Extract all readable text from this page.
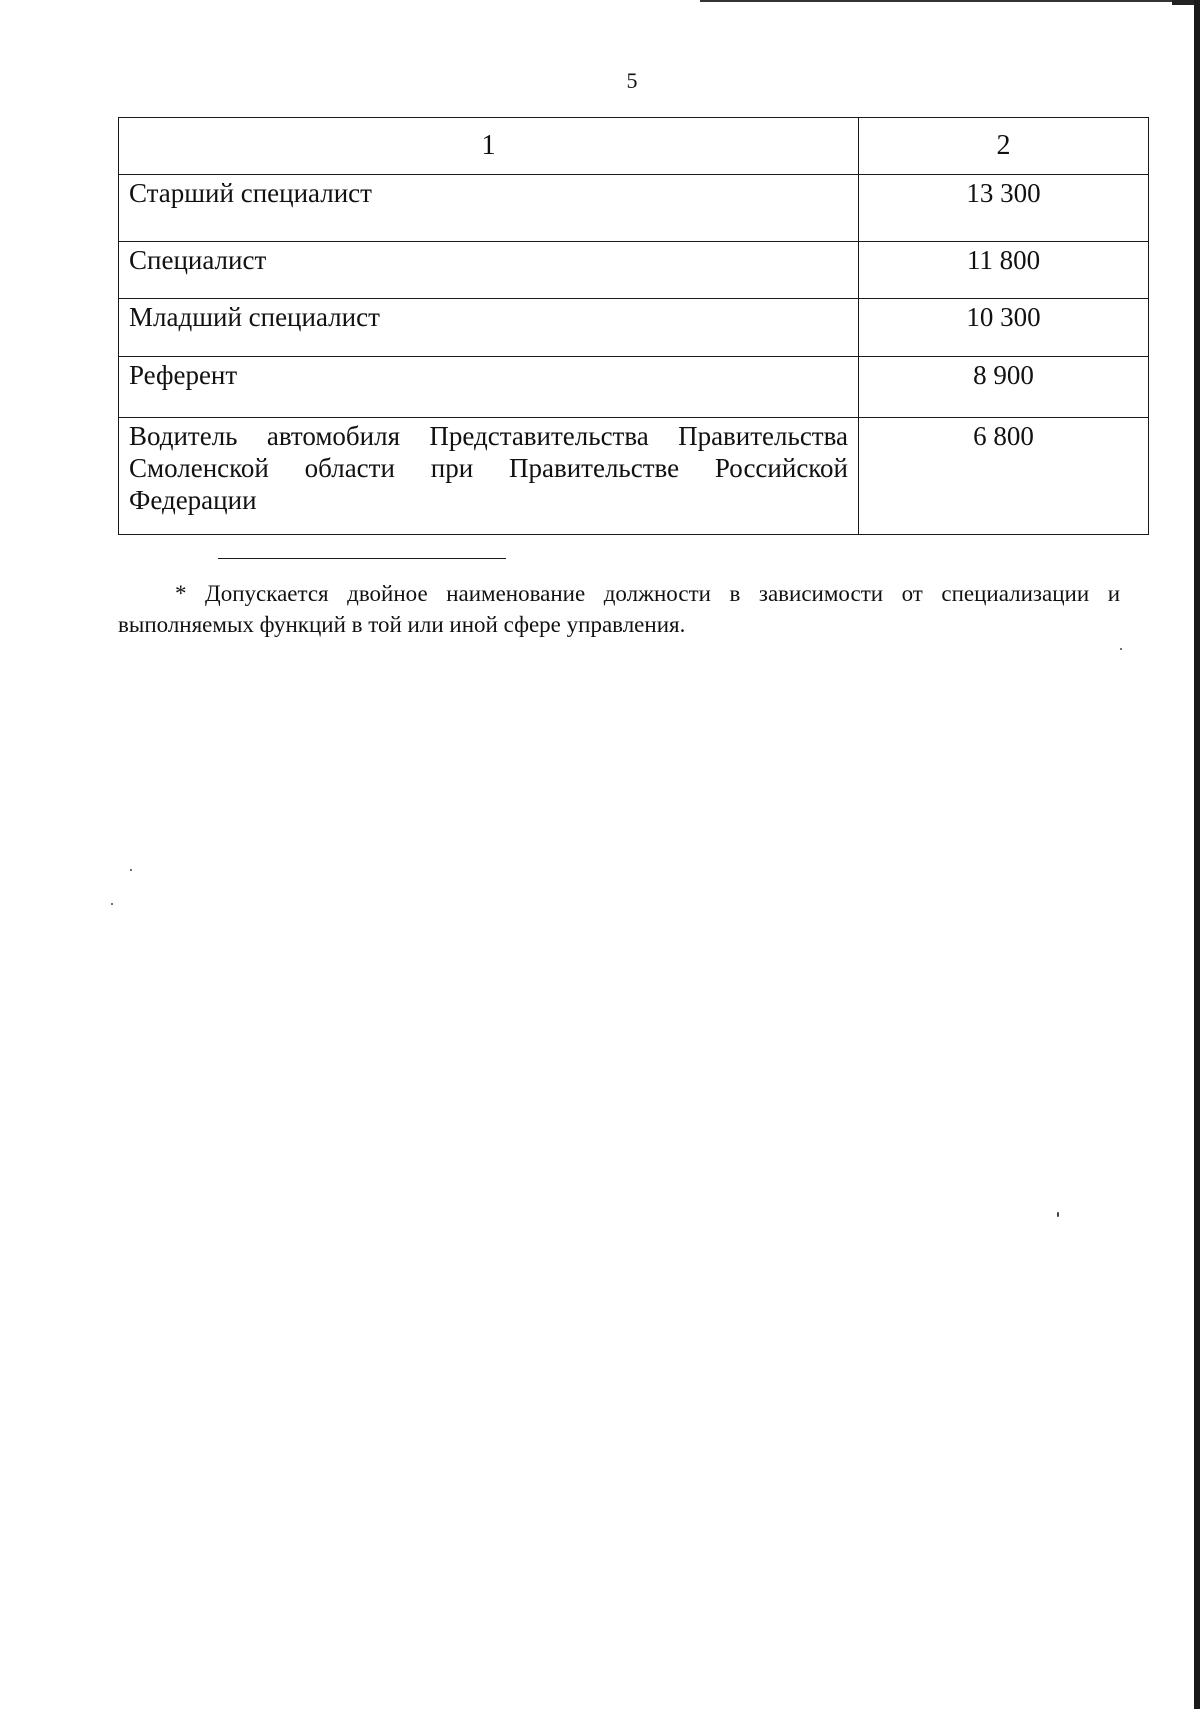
5
1	2
Старший специалист	13 300
Специалист	11 800
Младший специалист	10 300
Референт	8 900
Водитель автомобиля Представительства Правительства Смоленской области при Правительстве Российской Федерации	6 800
* Допускается двойное наименование должности в зависимости от специализации и выполняемых функций в той или иной сфере управления.
